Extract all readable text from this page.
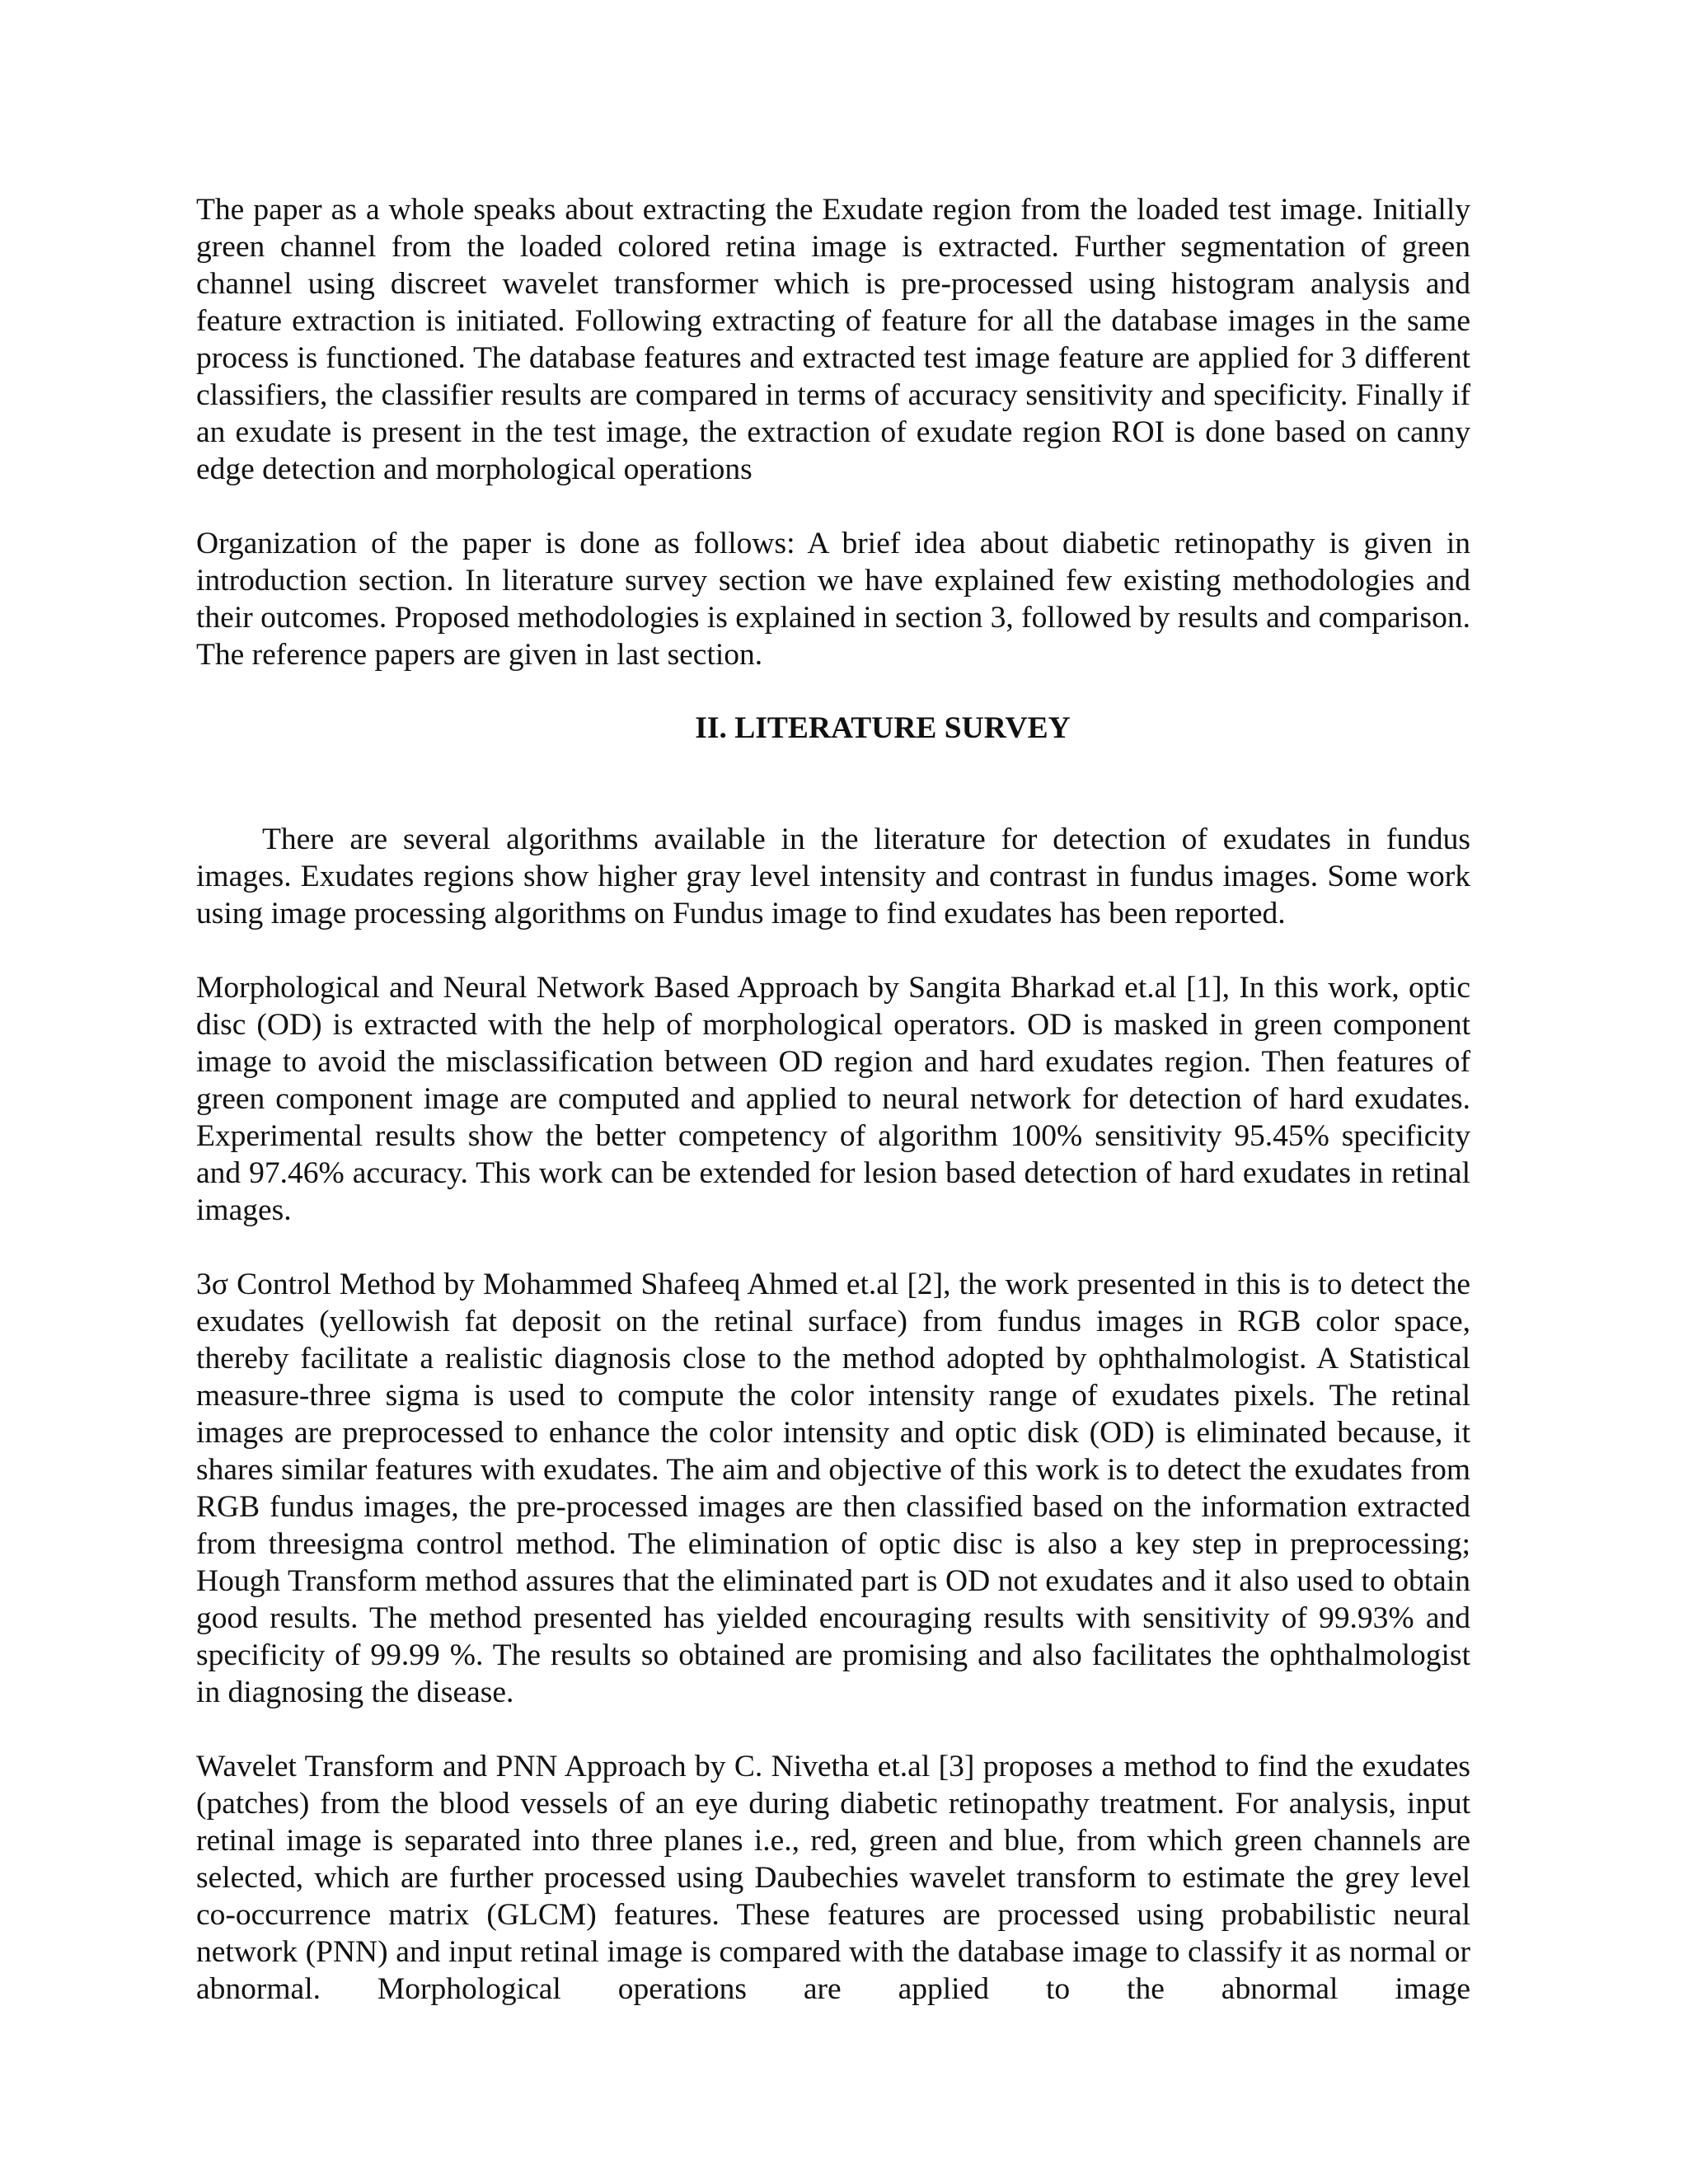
The paper as a whole speaks about extracting the Exudate region from the loaded test image. Initially green channel from the loaded colored retina image is extracted. Further segmentation of green channel using discreet wavelet transformer which is pre-processed using histogram analysis and feature extraction is initiated. Following extracting of feature for all the database images in the same process is functioned. The database features and extracted test image feature are applied for 3 different classifiers, the classifier results are compared in terms of accuracy sensitivity and specificity. Finally if an exudate is present in the test image, the extraction of exudate region ROI is done based on canny edge detection and morphological operations

Organization of the paper is done as follows: A brief idea about diabetic retinopathy is given in introduction section. In literature survey section we have explained few existing methodologies and their outcomes. Proposed methodologies is explained in section 3, followed by results and comparison. The reference papers are given in last section.

II. LITERATURE SURVEY

There are several algorithms available in the literature for detection of exudates in fundus images. Exudates regions show higher gray level intensity and contrast in fundus images. Some work using image processing algorithms on Fundus image to find exudates has been reported.

Morphological and Neural Network Based Approach by Sangita Bharkad et.al [1], In this work, optic disc (OD) is extracted with the help of morphological operators. OD is masked in green component image to avoid the misclassification between OD region and hard exudates region. Then features of green component image are computed and applied to neural network for detection of hard exudates. Experimental results show the better competency of algorithm 100% sensitivity 95.45% specificity and 97.46% accuracy. This work can be extended for lesion based detection of hard exudates in retinal images.

3σ Control Method by Mohammed Shafeeq Ahmed et.al [2], the work presented in this is to detect the exudates (yellowish fat deposit on the retinal surface) from fundus images in RGB color space, thereby facilitate a realistic diagnosis close to the method adopted by ophthalmologist. A Statistical measure-three sigma is used to compute the color intensity range of exudates pixels. The retinal images are preprocessed to enhance the color intensity and optic disk (OD) is eliminated because, it shares similar features with exudates. The aim and objective of this work is to detect the exudates from RGB fundus images, the pre-processed images are then classified based on the information extracted from threesigma control method. The elimination of optic disc is also a key step in preprocessing; Hough Transform method assures that the eliminated part is OD not exudates and it also used to obtain good results. The method presented has yielded encouraging results with sensitivity of 99.93% and specificity of 99.99 %. The results so obtained are promising and also facilitates the ophthalmologist in diagnosing the disease.

Wavelet Transform and PNN Approach by C. Nivetha et.al [3] proposes a method to find the exudates (patches) from the blood vessels of an eye during diabetic retinopathy treatment. For analysis, input retinal image is separated into three planes i.e., red, green and blue, from which green channels are selected, which are further processed using Daubechies wavelet transform to estimate the grey level co-occurrence matrix (GLCM) features. These features are processed using probabilistic neural network (PNN) and input retinal image is compared with the database image to classify it as normal or abnormal. Morphological operations are applied to the abnormal image
